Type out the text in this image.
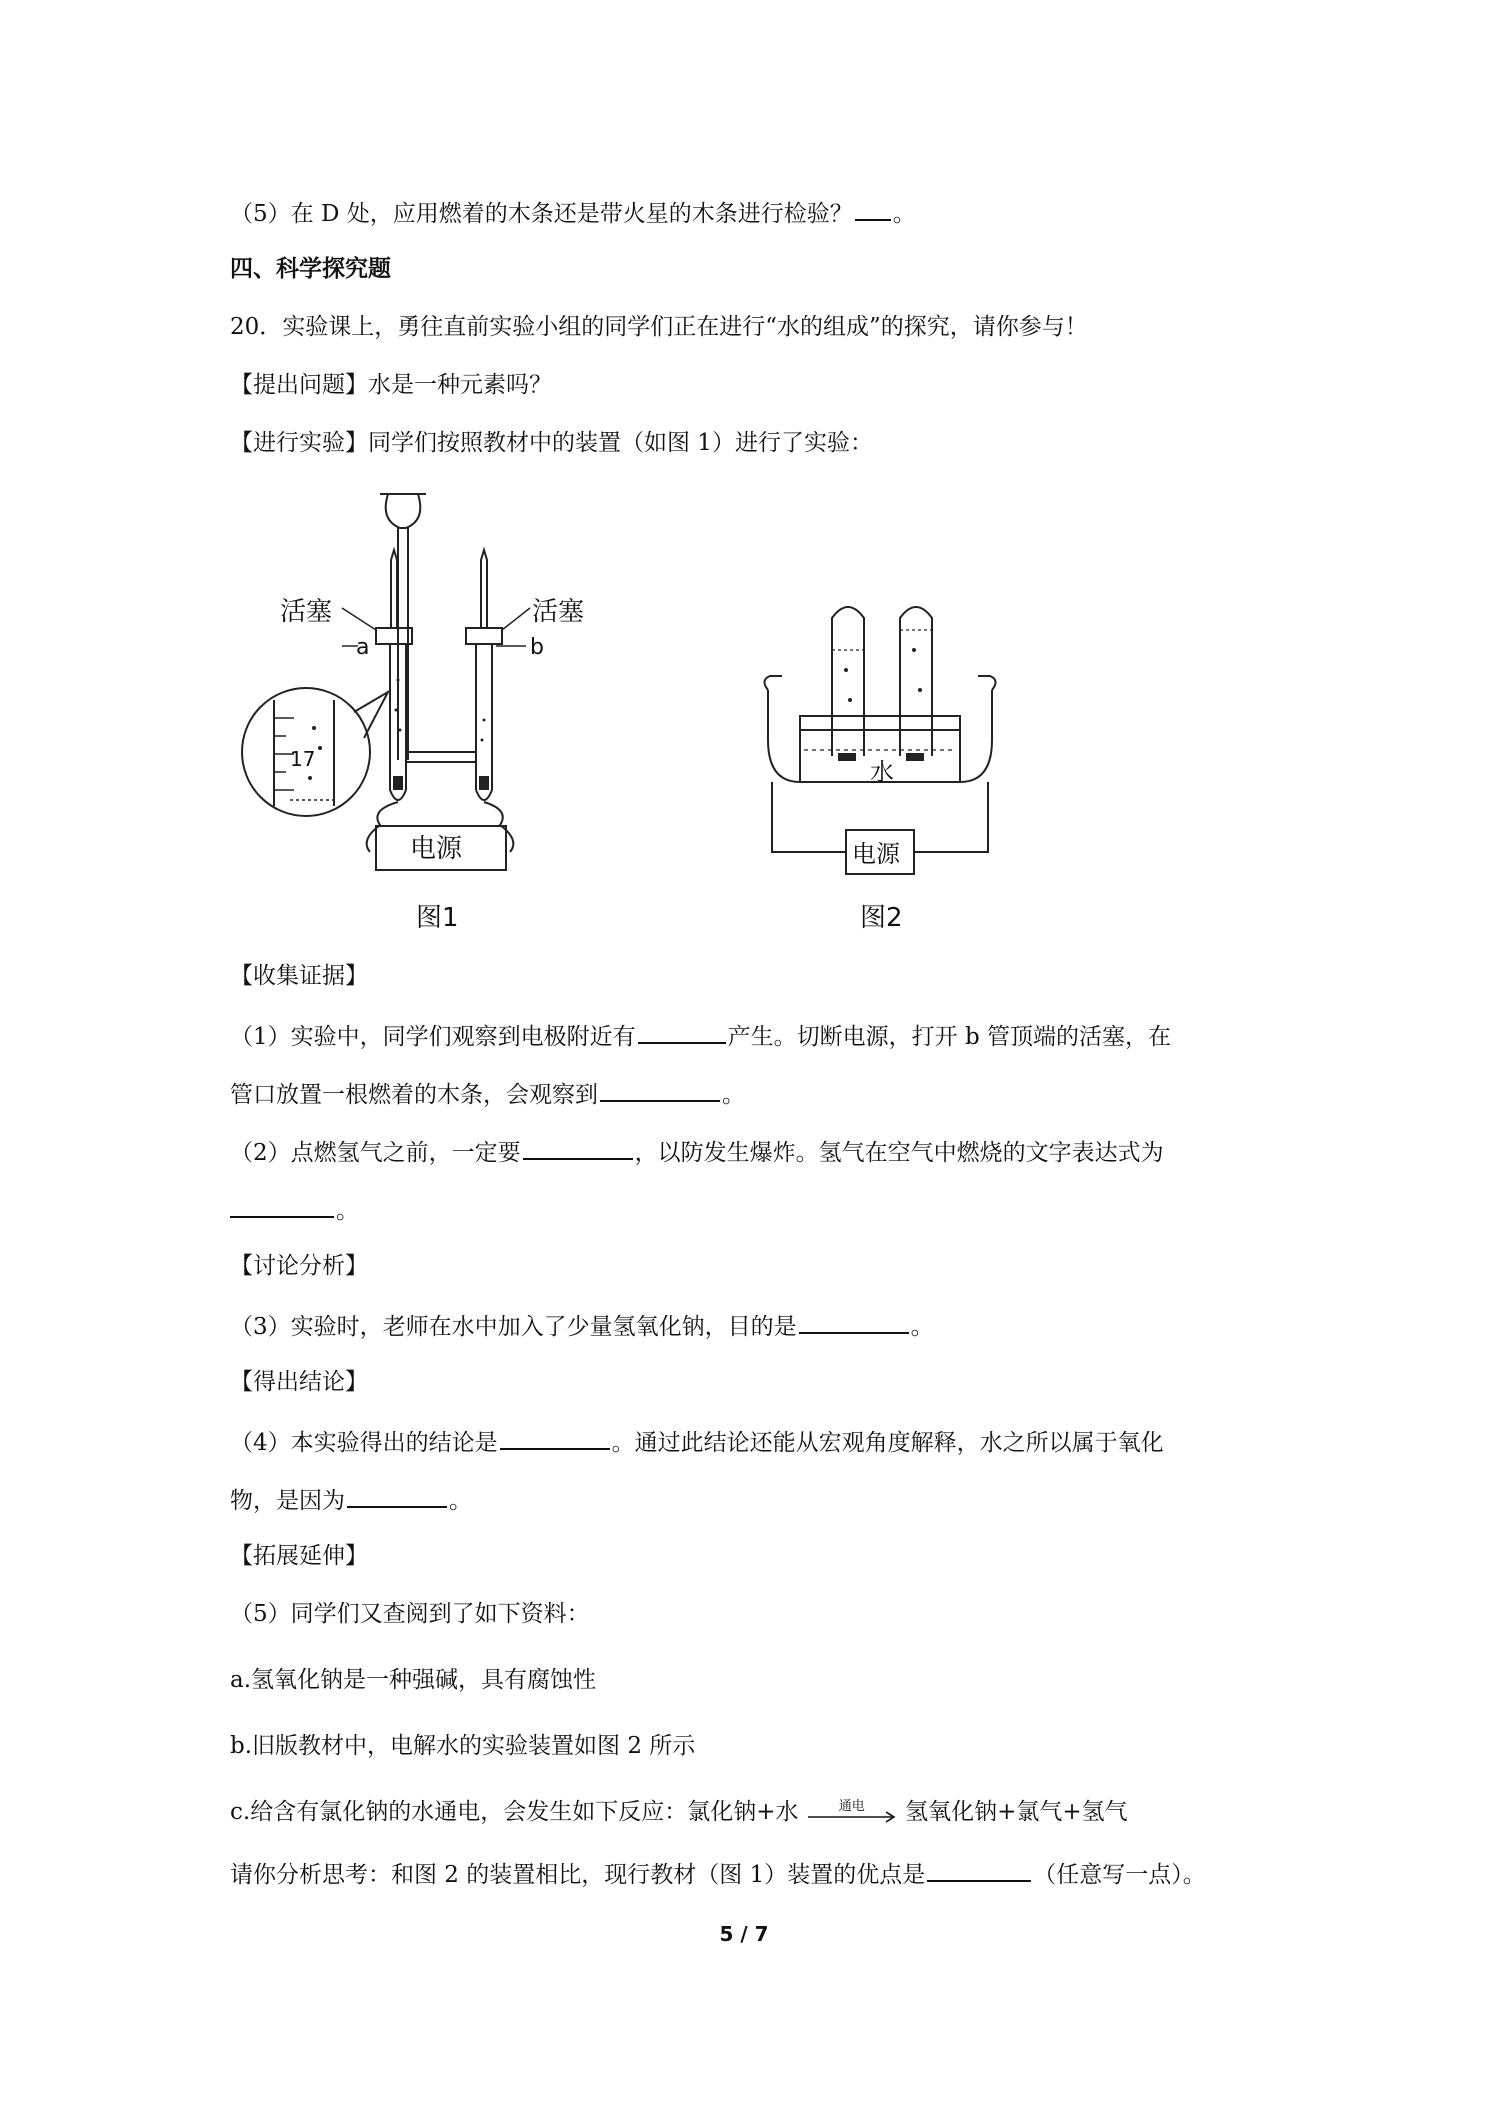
（5）在 D 处，应用燃着的木条还是带火星的木条进行检验？ 。
四、科学探究题
20．实验课上，勇往直前实验小组的同学们正在进行“水的组成”的探究，请你参与！
【提出问题】水是一种元素吗？
【进行实验】同学们按照教材中的装置（如图 1）进行了实验：
活塞	活塞
a	b
17
电源
图1
水
电源
图2
【收集证据】
（1）实验中，同学们观察到电极附近有	产生。切断电源，打开 b 管顶端的活塞，在
管口放置一根燃着的木条，会观察到	。
（2）点燃氢气之前，一定要	，以防发生爆炸。氢气在空气中燃烧的文字表达式为
。
【讨论分析】
（3）实验时，老师在水中加入了少量氢氧化钠，目的是	。
【得出结论】
（4）本实验得出的结论是	。通过此结论还能从宏观角度解释，水之所以属于氧化
物，是因为	。
【拓展延伸】
（5）同学们又查阅到了如下资料：
a.氢氧化钠是一种强碱，具有腐蚀性
b.旧版教材中，电解水的实验装置如图 2 所示
c.给含有氯化钠的水通电，会发生如下反应：氯化钠+水	通电	氢氧化钠+氯气+氢气
请你分析思考：和图 2 的装置相比，现行教材（图 1）装置的优点是	（任意写一点）。
5 / 7
